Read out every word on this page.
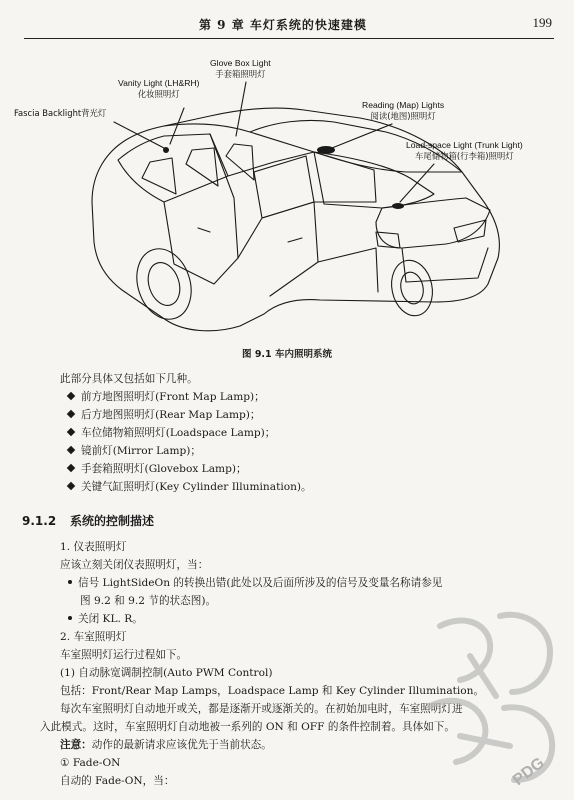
第 9 章 车灯系统的快速建模	199
Glove Box Light
手套箱照明灯
Vanity Light (LH&RH)
化妆照明灯
Fascia Backlight背光灯
Reading (Map) Lights
阅读(地图)照明灯
Load-space Light (Trunk Light)
车尾储物箱(行李箱)照明灯
图 9.1 车内照明系统
此部分具体又包括如下几种。
前方地图照明灯(Front Map Lamp)；
后方地图照明灯(Rear Map Lamp)；
车位储物箱照明灯(Loadspace Lamp)；
镜前灯(Mirror Lamp)；
手套箱照明灯(Glovebox Lamp)；
关键气缸照明灯(Key Cylinder Illumination)。
9.1.2 系统的控制描述
1. 仪表照明灯
应该立刻关闭仪表照明灯，当：
信号 LightSideOn 的转换出错(此处以及后面所涉及的信号及变量名称请参见
图 9.2 和 9.2 节的状态图)。
关闭 KL. R。
2. 车室照明灯
车室照明灯运行过程如下。
(1) 自动脉宽调制控制(Auto PWM Control)
包括：Front/Rear Map Lamps，Loadspace Lamp 和 Key Cylinder Illumination。
每次车室照明灯自动地开或关，都是逐渐开或逐渐关的。在初始加电时，车室照明灯进
入此模式。这时，车室照明灯自动地被一系列的 ON 和 OFF 的条件控制着。具体如下。
注意：动作的最新请求应该优先于当前状态。
① Fade-ON
自动的 Fade-ON，当：	PDG
